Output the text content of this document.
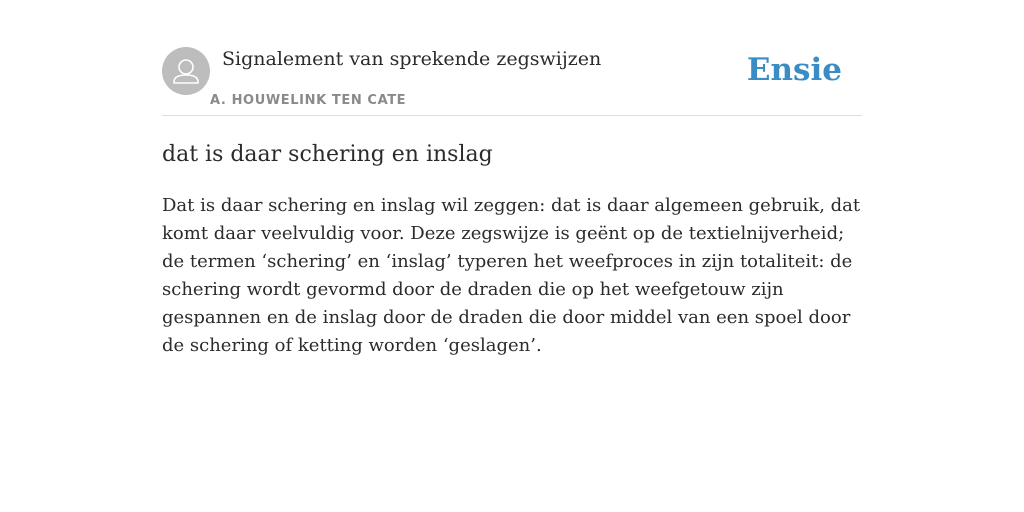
Signalement van sprekende zegswijzen
A. HOUWELINK TEN CATE
Ensie
dat is daar schering en inslag

Dat is daar schering en inslag wil zeggen: dat is daar algemeen gebruik, dat komt daar veelvuldig voor. Deze zegswijze is geënt op de textielnijverheid; de termen ‘schering’ en ‘inslag’ typeren het weefproces in zijn totaliteit: de schering wordt gevormd door de draden die op het weefgetouw zijn gespannen en de inslag door de draden die door middel van een spoel door de schering of ketting worden ‘geslagen’.
